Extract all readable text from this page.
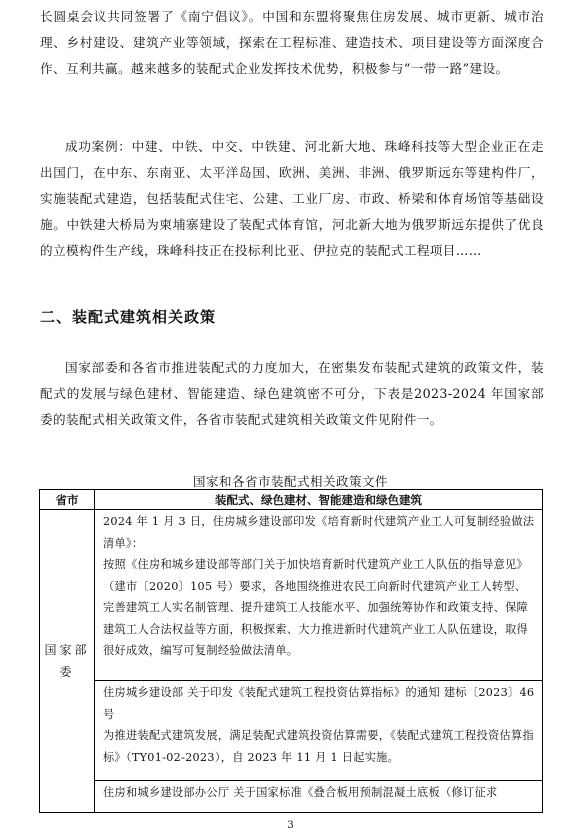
长圆桌会议共同签署了《南宁倡议》。中国和东盟将聚焦住房发展、城市更新、城市治理、乡村建设、建筑产业等领域，探索在工程标准、建造技术、项目建设等方面深度合作、互利共赢。越来越多的装配式企业发挥技术优势，积极参与“一带一路”建设。

成功案例：中建、中铁、中交、中铁建、河北新大地、珠峰科技等大型企业正在走出国门，在中东、东南亚、太平洋岛国、欧洲、美洲、非洲、俄罗斯远东等建构件厂，实施装配式建造，包括装配式住宅、公建、工业厂房、市政、桥梁和体育场馆等基础设施。中铁建大桥局为柬埔寨建设了装配式体育馆，河北新大地为俄罗斯远东提供了优良的立模构件生产线，珠峰科技正在投标利比亚、伊拉克的装配式工程项目……

二、装配式建筑相关政策

国家部委和各省市推进装配式的力度加大，在密集发布装配式建筑的政策文件，装配式的发展与绿色建材、智能建造、绿色建筑密不可分，下表是2023-2024 年国家部委的装配式相关政策文件，各省市装配式建筑相关政策文件见附件一。

国家和各省市装配式相关政策文件
省市	装配式、绿色建材、智能建造和绿色建筑
国家部委	2024 年 1 月 3 日，住房城乡建设部印发《培育新时代建筑产业工人可复制经验做法清单》：

按照《住房和城乡建设部等部门关于加快培育新时代建筑产业工人队伍的指导意见》（建市〔2020〕105 号）要求，各地围绕推进农民工向新时代建筑产业工人转型、完善建筑工人实名制管理、提升建筑工人技能水平、加强统筹协作和政策支持、保障建筑工人合法权益等方面，积极探索、大力推进新时代建筑产业工人队伍建设，取得很好成效，编写可复制经验做法清单。

	住房城乡建设部 关于印发《装配式建筑工程投资估算指标》的通知 建标〔2023〕46 号

为推进装配式建筑发展，满足装配式建筑投资估算需要，《装配式建筑工程投资估算指标》（TY01-02-2023），自 2023 年 11 月 1 日起实施。

	住房和城乡建设部办公厅 关于国家标准《叠合板用预制混凝土底板（修订征求

3
